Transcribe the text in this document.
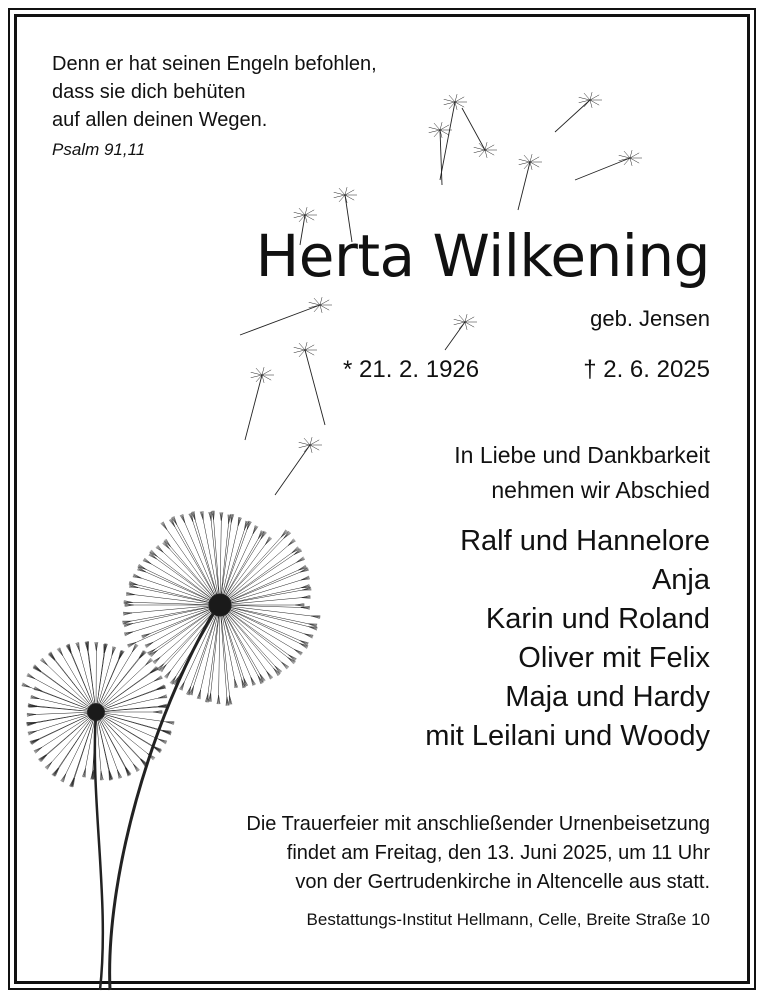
Denn er hat seinen Engeln befohlen,
dass sie dich behüten
auf allen deinen Wegen.
Psalm 91,11
Herta Wilkening
geb. Jensen
* 21. 2. 1926	† 2. 6. 2025
In Liebe und Dankbarkeit
nehmen wir Abschied
Ralf und Hannelore
Anja
Karin und Roland
Oliver mit Felix
Maja und Hardy
mit Leilani und Woody
Die Trauerfeier mit anschließender Urnenbeisetzung
findet am Freitag, den 13. Juni 2025, um 11 Uhr
von der Gertrudenkirche in Altencelle aus statt.
Bestattungs-Institut Hellmann, Celle, Breite Straße 10
